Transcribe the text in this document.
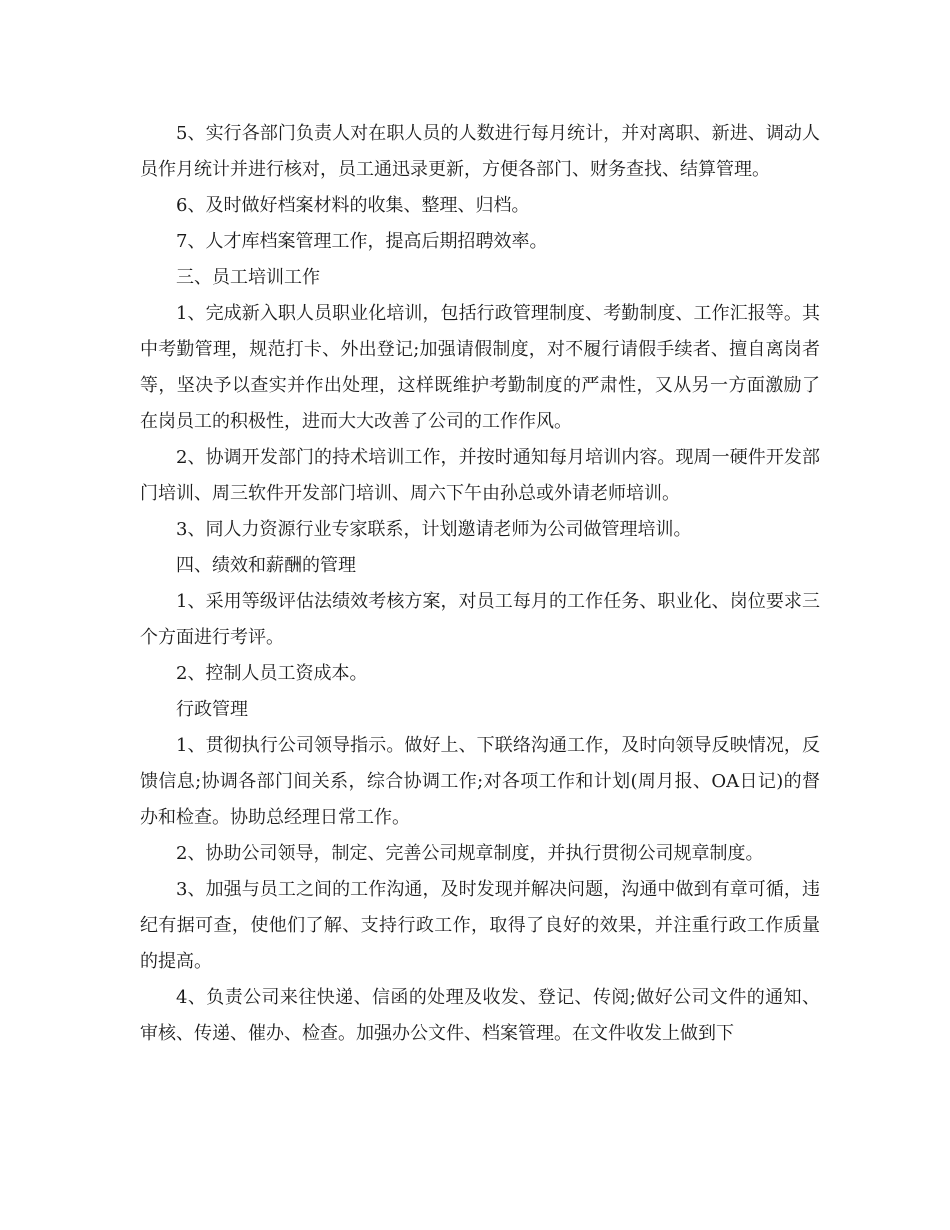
5、实行各部门负责人对在职人员的人数进行每月统计，并对离职、新进、调动人员作月统计并进行核对，员工通迅录更新，方便各部门、财务查找、结算管理。

6、及时做好档案材料的收集、整理、归档。

7、人才库档案管理工作，提高后期招聘效率。

三、员工培训工作

1、完成新入职人员职业化培训，包括行政管理制度、考勤制度、工作汇报等。其中考勤管理，规范打卡、外出登记;加强请假制度，对不履行请假手续者、擅自离岗者等，坚决予以查实并作出处理，这样既维护考勤制度的严肃性，又从另一方面激励了在岗员工的积极性，进而大大改善了公司的工作作风。

2、协调开发部门的持术培训工作，并按时通知每月培训内容。现周一硬件开发部门培训、周三软件开发部门培训、周六下午由孙总或外请老师培训。

3、同人力资源行业专家联系，计划邀请老师为公司做管理培训。

四、绩效和薪酬的管理

1、采用等级评估法绩效考核方案，对员工每月的工作任务、职业化、岗位要求三个方面进行考评。

2、控制人员工资成本。

行政管理

1、贯彻执行公司领导指示。做好上、下联络沟通工作，及时向领导反映情况，反馈信息;协调各部门间关系，综合协调工作;对各项工作和计划(周月报、OA日记)的督办和检查。协助总经理日常工作。

2、协助公司领导，制定、完善公司规章制度，并执行贯彻公司规章制度。

3、加强与员工之间的工作沟通，及时发现并解决问题，沟通中做到有章可循，违纪有据可查，使他们了解、支持行政工作，取得了良好的效果，并注重行政工作质量的提高。

4、负责公司来往快递、信函的处理及收发、登记、传阅;做好公司文件的通知、审核、传递、催办、检查。加强办公文件、档案管理。在文件收发上做到下
